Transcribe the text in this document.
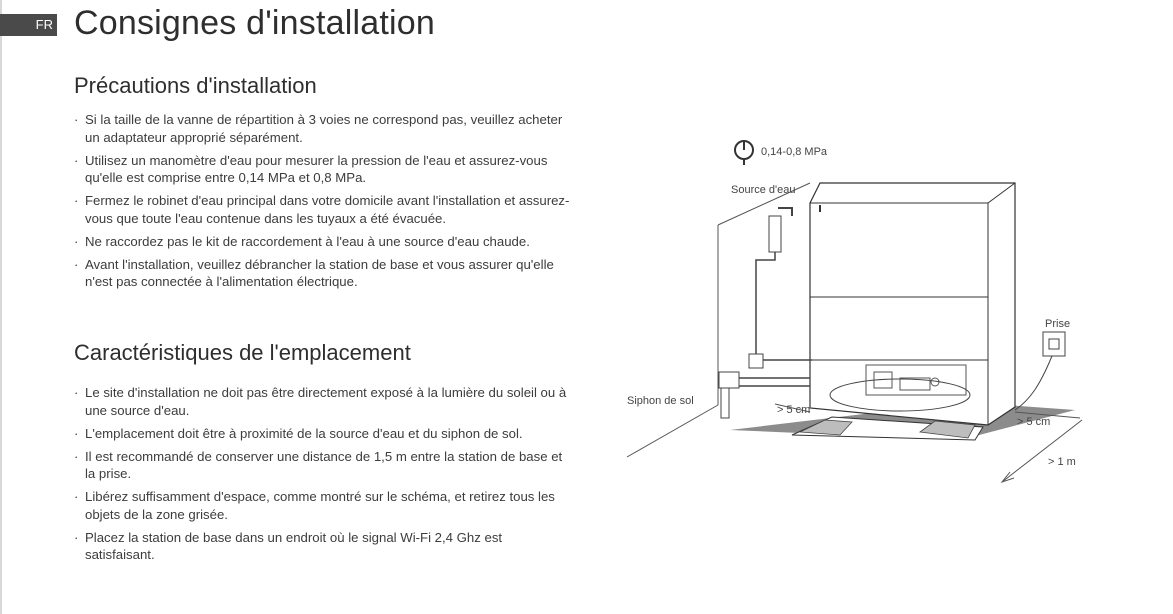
FR Consignes d'installation
Précautions d'installation
· Si la taille de la vanne de répartition à 3 voies ne correspond pas, veuillez acheter un adaptateur approprié séparément.
· Utilisez un manomètre d'eau pour mesurer la pression de l'eau et assurez-vous qu'elle est comprise entre 0,14 MPa et 0,8 MPa.
· Fermez le robinet d'eau principal dans votre domicile avant l'installation et assurez-vous que toute l'eau contenue dans les tuyaux a été évacuée.
· Ne raccordez pas le kit de raccordement à l'eau à une source d'eau chaude.
· Avant l'installation, veuillez débrancher la station de base et vous assurer qu'elle n'est pas connectée à l'alimentation électrique.
Caractéristiques de l'emplacement
· Le site d'installation ne doit pas être directement exposé à la lumière du soleil ou à une source d'eau.
· L'emplacement doit être à proximité de la source d'eau et du siphon de sol.
· Il est recommandé de conserver une distance de 1,5 m entre la station de base et la prise.
· Libérez suffisamment d'espace, comme montré sur le schéma, et retirez tous les objets de la zone grisée.
· Placez la station de base dans un endroit où le signal Wi-Fi 2,4 Ghz est satisfaisant.
0,14-0,8 MPa
Source d'eau
Prise
Siphon de sol
> 5 cm
> 5 cm
> 1 m
